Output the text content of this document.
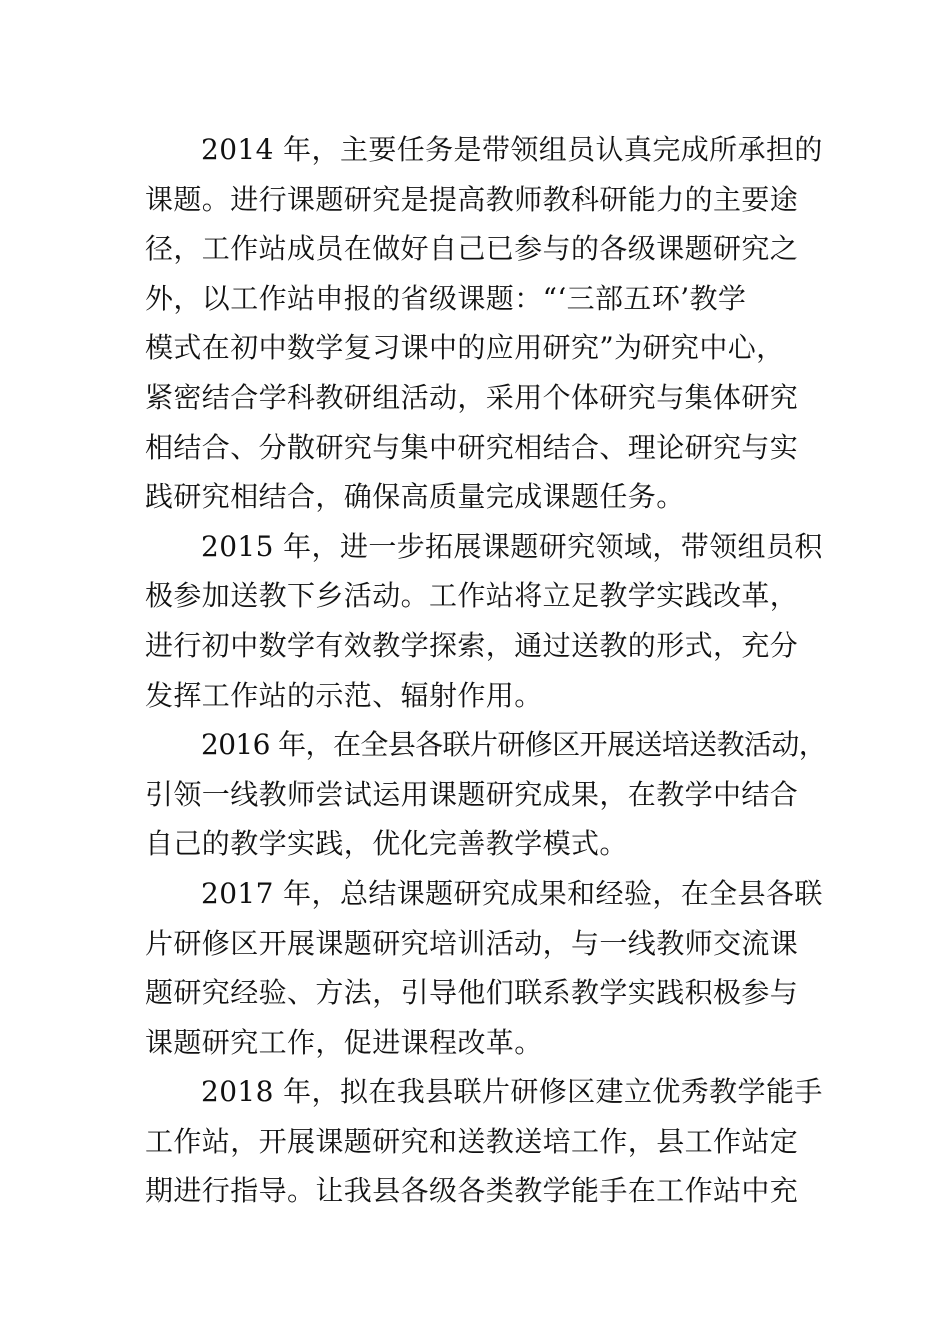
2014 年，主要任务是带领组员认真完成所承担的
课题。进行课题研究是提高教师教科研能力的主要途
径，工作站成员在做好自己已参与的各级课题研究之
外，以工作站申报的省级课题：“‘三部五环’教学
模式在初中数学复习课中的应用研究”为研究中心，
紧密结合学科教研组活动，采用个体研究与集体研究
相结合、分散研究与集中研究相结合、理论研究与实
践研究相结合，确保高质量完成课题任务。
2015 年，进一步拓展课题研究领域，带领组员积
极参加送教下乡活动。工作站将立足教学实践改革，
进行初中数学有效教学探索，通过送教的形式，充分
发挥工作站的示范、辐射作用。
2016 年，在全县各联片研修区开展送培送教活动，
引领一线教师尝试运用课题研究成果，在教学中结合
自己的教学实践，优化完善教学模式。
2017 年，总结课题研究成果和经验，在全县各联
片研修区开展课题研究培训活动，与一线教师交流课
题研究经验、方法，引导他们联系教学实践积极参与
课题研究工作，促进课程改革。
2018 年，拟在我县联片研修区建立优秀教学能手
工作站，开展课题研究和送教送培工作，县工作站定
期进行指导。让我县各级各类教学能手在工作站中充
